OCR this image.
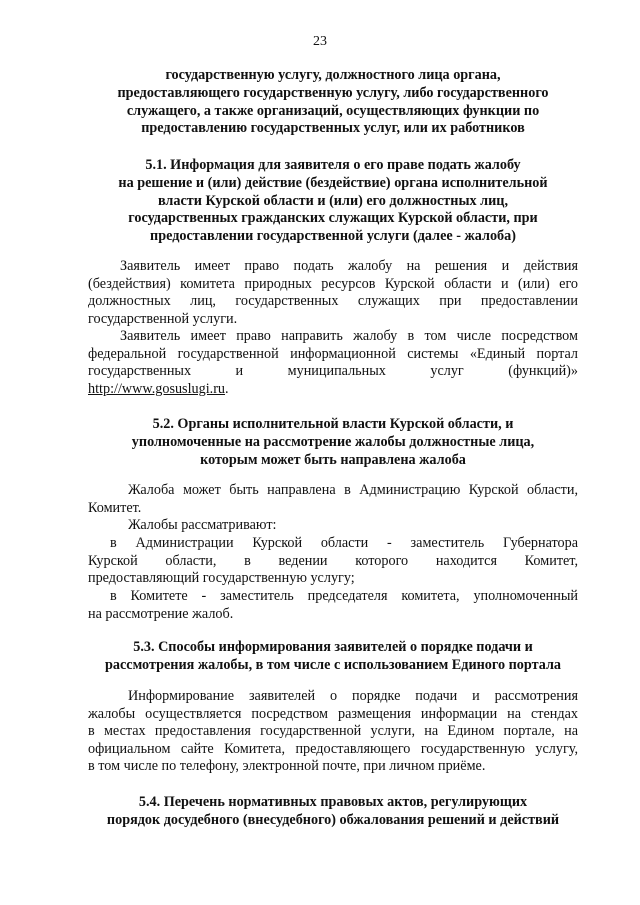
23
государственную услугу, должностного лица органа,
предоставляющего государственную услугу, либо государственного
служащего, а также организаций, осуществляющих функции по
предоставлению государственных услуг, или их работников
5.1. Информация для заявителя о его праве подать жалобу
на решение и (или) действие (бездействие) органа исполнительной
власти Курской области и (или) его должностных лиц,
государственных гражданских служащих Курской области, при
предоставлении государственной услуги (далее - жалоба)
Заявитель имеет право подать жалобу на решения и действия
(бездействия) комитета природных ресурсов Курской области и (или) его
должностных лиц, государственных служащих при предоставлении
государственной услуги.
Заявитель имеет право направить жалобу в том числе посредством
федеральной государственной информационной системы «Единый портал
государственных и муниципальных услуг (функций)»
http://www.gosuslugi.ru.
5.2. Органы исполнительной власти Курской области, и
уполномоченные на рассмотрение жалобы должностные лица,
которым может быть направлена жалоба
Жалоба может быть направлена в Администрацию Курской области,
Комитет.
Жалобы рассматривают:
в Администрации Курской области - заместитель Губернатора
Курской области, в ведении которого находится Комитет,
предоставляющий государственную услугу;
в Комитете - заместитель председателя комитета, уполномоченный
на рассмотрение жалоб.
5.3. Способы информирования заявителей о порядке подачи и
рассмотрения жалобы, в том числе с использованием Единого портала
Информирование заявителей о порядке подачи и рассмотрения
жалобы осуществляется посредством размещения информации на стендах
в местах предоставления государственной услуги, на Едином портале, на
официальном сайте Комитета, предоставляющего государственную услугу,
в том числе по телефону, электронной почте, при личном приёме.
5.4. Перечень нормативных правовых актов, регулирующих
порядок досудебного (внесудебного) обжалования решений и действий
